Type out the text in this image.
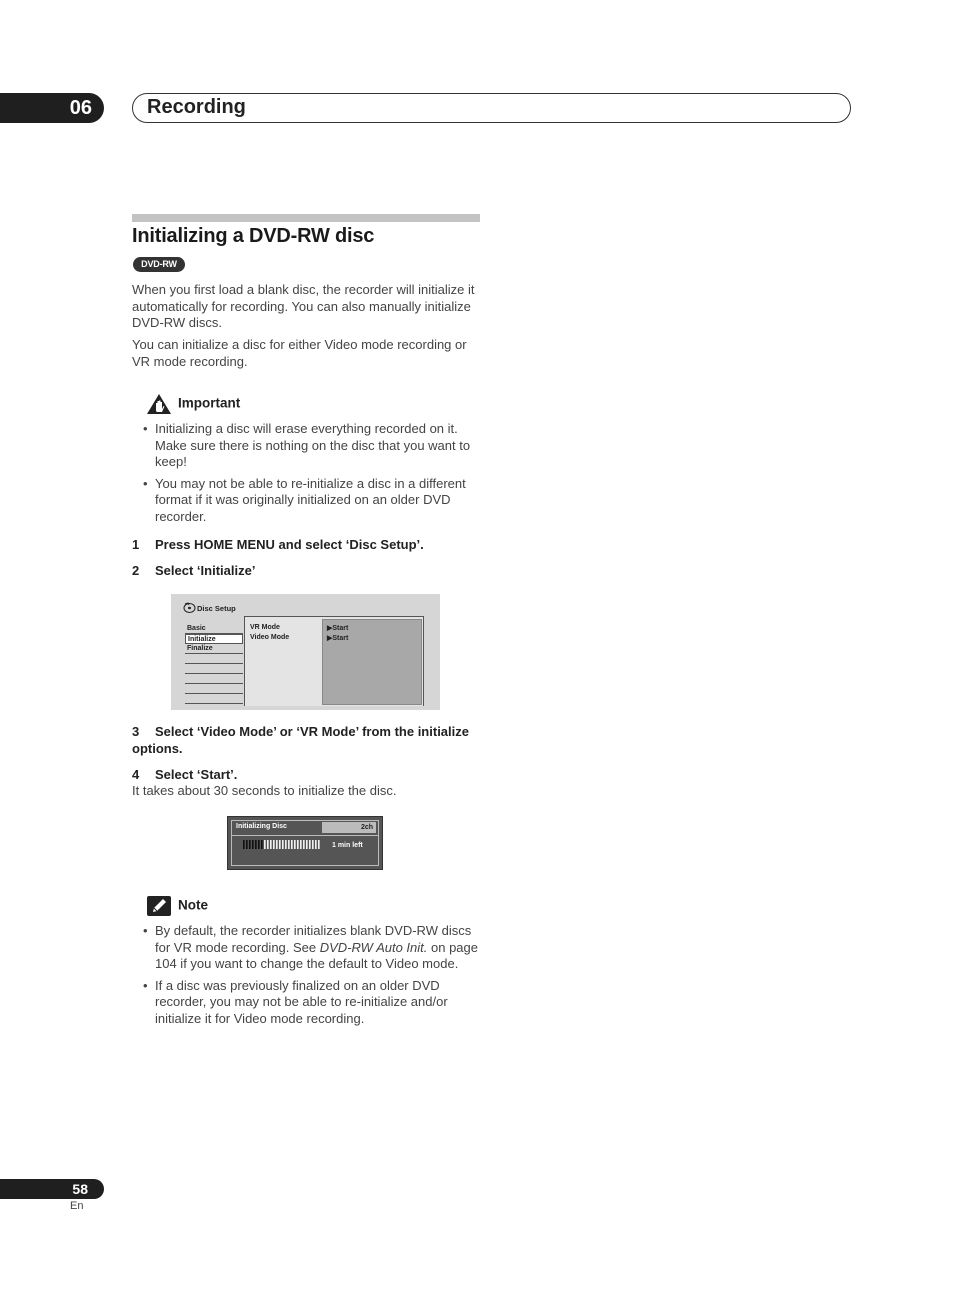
06	Recording
Initializing a DVD-RW disc
DVD-RW

When you first load a blank disc, the recorder will initialize it automatically for recording. You can also manually initialize DVD-RW discs.

You can initialize a disc for either Video mode recording or VR mode recording.

Important
• Initializing a disc will erase everything recorded on it. Make sure there is nothing on the disc that you want to keep!
• You may not be able to re-initialize a disc in a different format if it was originally initialized on an older DVD recorder.
1 Press HOME MENU and select ‘Disc Setup’.
2 Select ‘Initialize’
Disc Setup
Basic
Initialize
Finalize
VR Mode
Video Mode
▶Start
▶Start
3 Select ‘Video Mode’ or ‘VR Mode’ from the initialize options.
4 Select ‘Start’.

It takes about 30 seconds to initialize the disc.

Initializing Disc	2ch
1 min left
Note
• By default, the recorder initializes blank DVD-RW discs for VR mode recording. See DVD-RW Auto Init. on page 104 if you want to change the default to Video mode.
• If a disc was previously finalized on an older DVD recorder, you may not be able to re-initialize and/or initialize it for Video mode recording.
58
En
